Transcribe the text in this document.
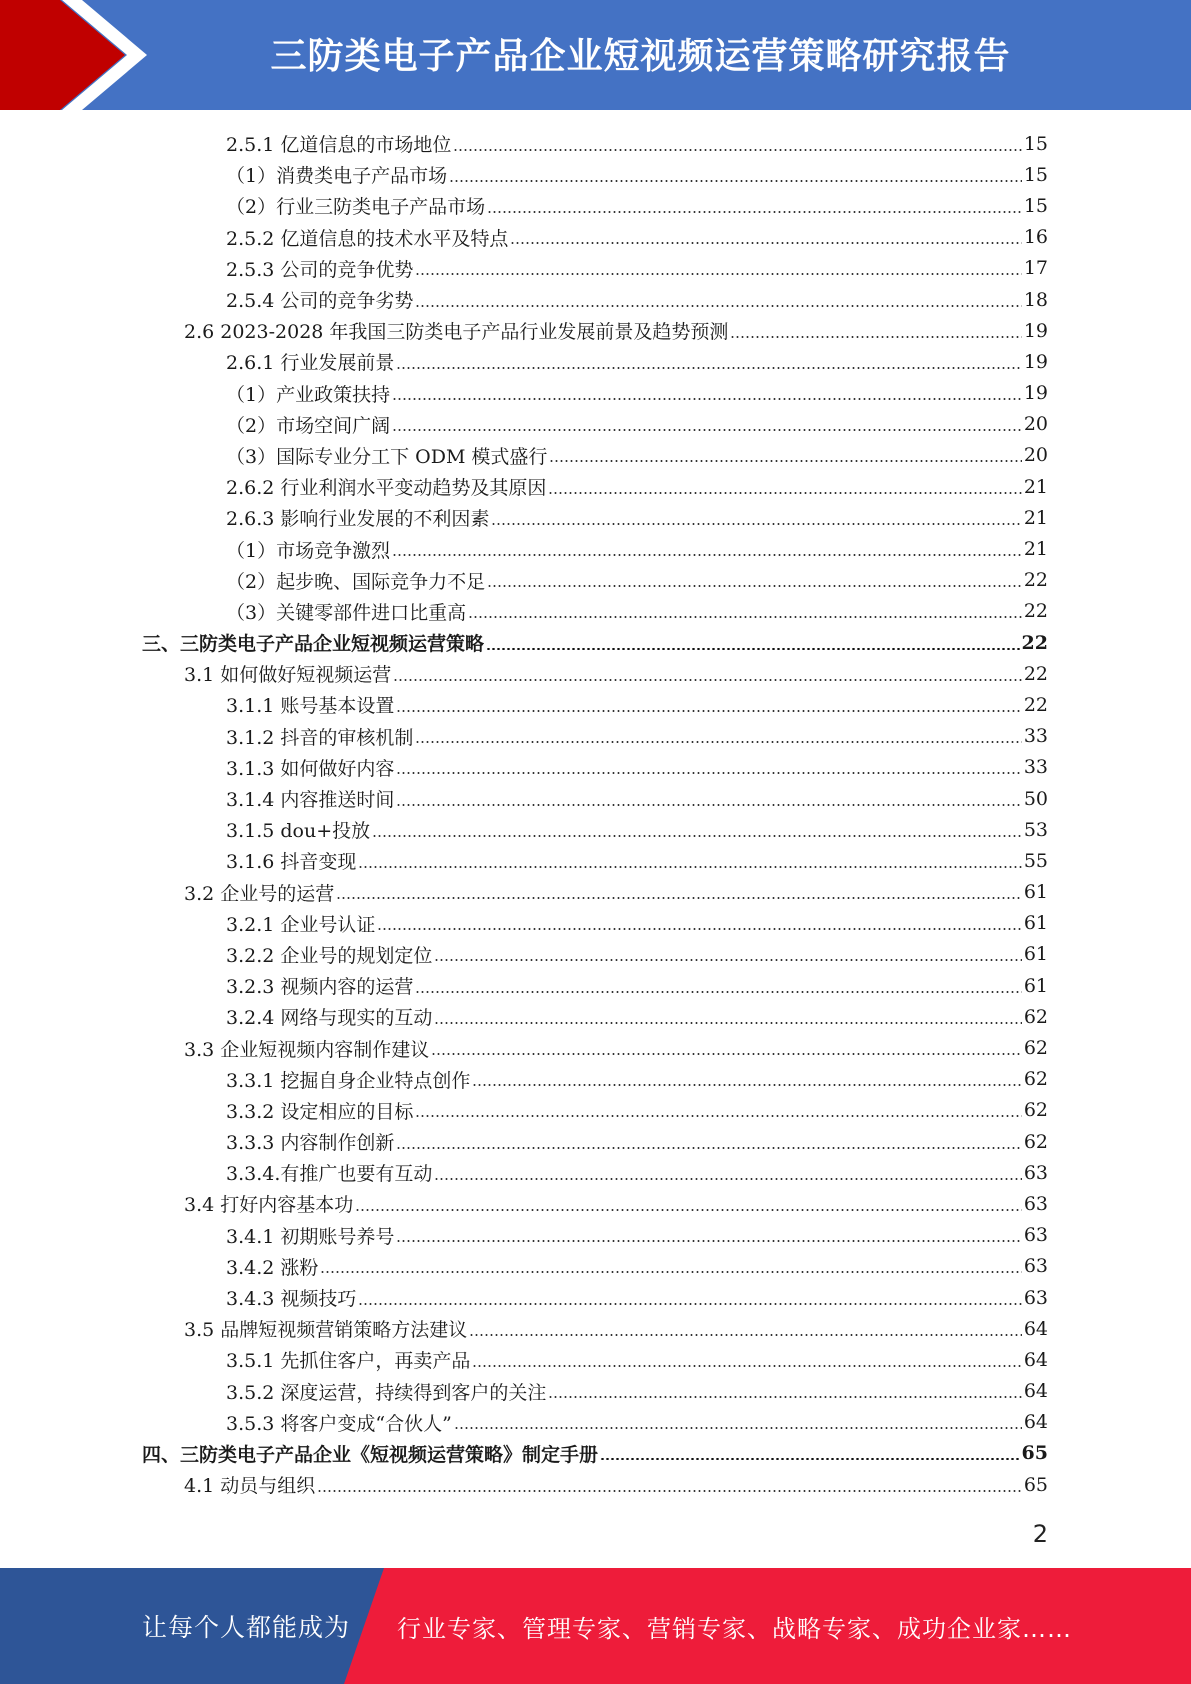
三防类电子产品企业短视频运营策略研究报告
2.5.1 亿道信息的市场地位	15
（1）消费类电子产品市场	15
（2）行业三防类电子产品市场	15
2.5.2 亿道信息的技术水平及特点	16
2.5.3 公司的竞争优势	17
2.5.4 公司的竞争劣势	18
2.6 2023-2028 年我国三防类电子产品行业发展前景及趋势预测	19
2.6.1 行业发展前景	19
（1）产业政策扶持	19
（2）市场空间广阔	20
（3）国际专业分工下 ODM 模式盛行	20
2.6.2 行业利润水平变动趋势及其原因	21
2.6.3 影响行业发展的不利因素	21
（1）市场竞争激烈	21
（2）起步晚、国际竞争力不足	22
（3）关键零部件进口比重高	22
三、三防类电子产品企业短视频运营策略	22
3.1 如何做好短视频运营	22
3.1.1 账号基本设置	22
3.1.2 抖音的审核机制	33
3.1.3 如何做好内容	33
3.1.4 内容推送时间	50
3.1.5 dou+投放	53
3.1.6 抖音变现	55
3.2 企业号的运营	61
3.2.1 企业号认证	61
3.2.2 企业号的规划定位	61
3.2.3 视频内容的运营	61
3.2.4 网络与现实的互动	62
3.3 企业短视频内容制作建议	62
3.3.1 挖掘自身企业特点创作	62
3.3.2 设定相应的目标	62
3.3.3 内容制作创新	62
3.3.4.有推广也要有互动	63
3.4 打好内容基本功	63
3.4.1 初期账号养号	63
3.4.2 涨粉	63
3.4.3 视频技巧	63
3.5 品牌短视频营销策略方法建议	64
3.5.1 先抓住客户，再卖产品	64
3.5.2 深度运营，持续得到客户的关注	64
3.5.3 将客户变成“合伙人”	64
四、三防类电子产品企业《短视频运营策略》制定手册	65
4.1 动员与组织	65
2
让每个人都能成为 行业专家、管理专家、营销专家、战略专家、成功企业家……
